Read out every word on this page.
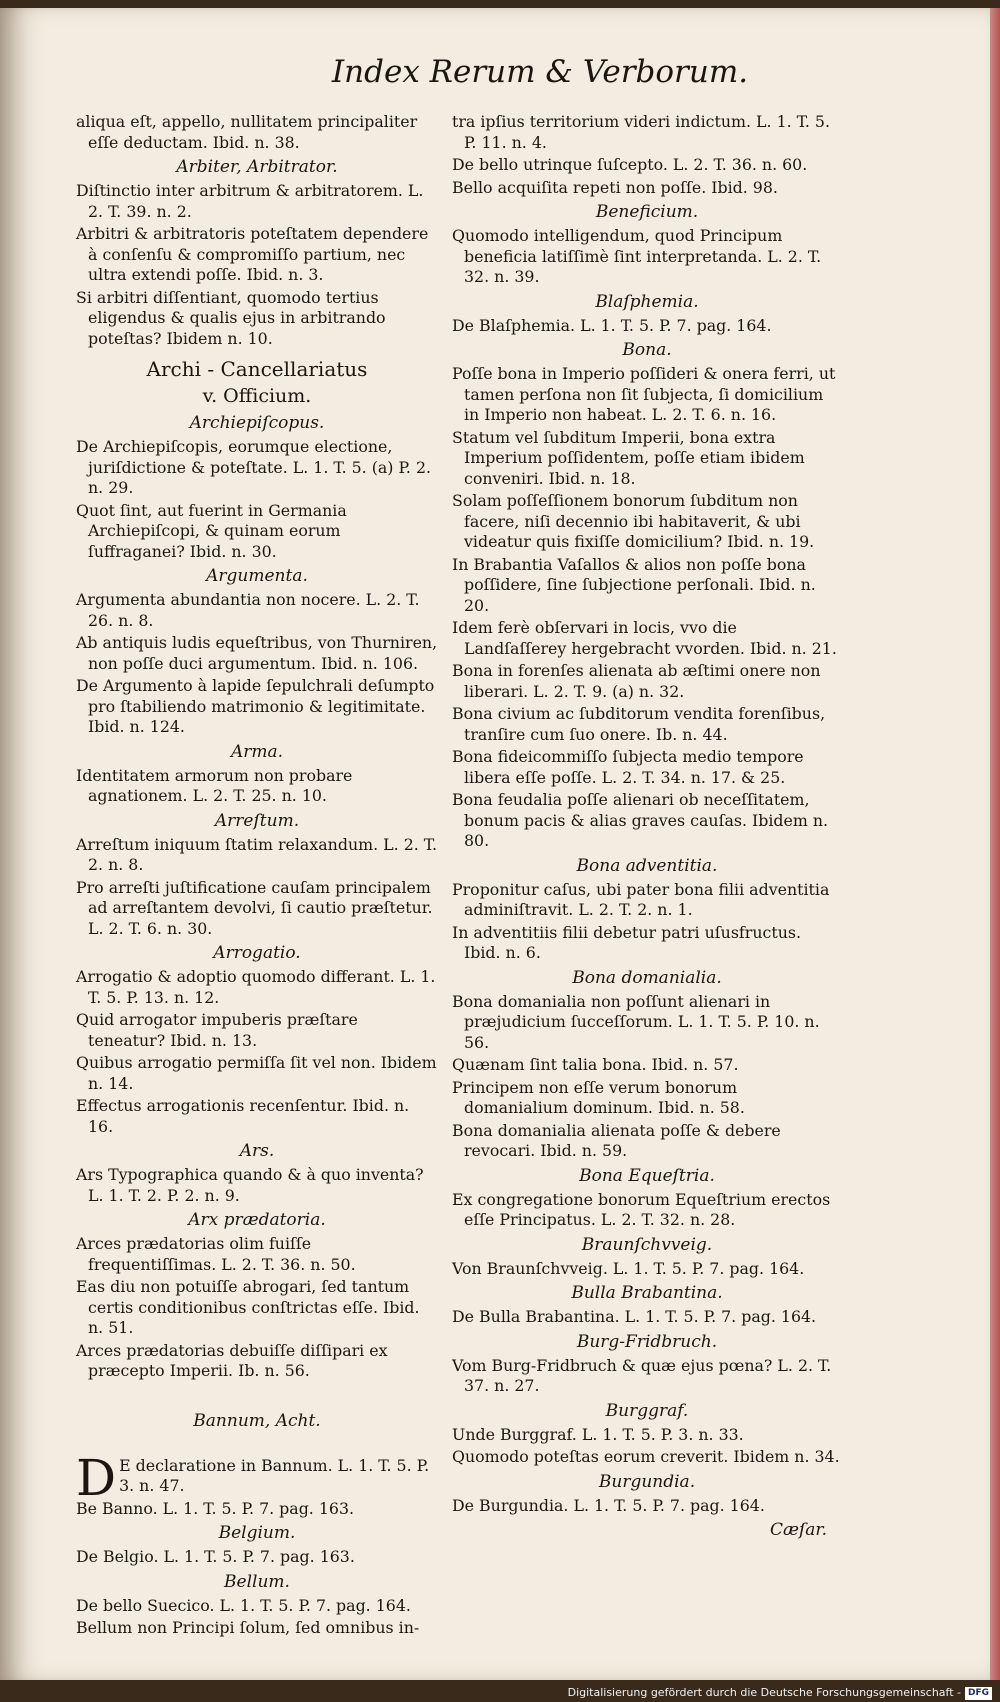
Index Rerum & Verborum.
aliqua eſt, appello, nullitatem principaliter eſſe deductam. Ibid. n. 38.
Arbiter, Arbitrator.
Diſtinctio inter arbitrum & arbitratorem. L. 2. T. 39. n. 2.
Arbitri & arbitratoris poteſtatem dependere à conſenſu & compromiſſo partium, nec ultra extendi poſſe. Ibid. n. 3.
Si arbitri diſſentiant, quomodo tertius eligendus & qualis ejus in arbitrando poteſtas? Ibidem n. 10.
Archi - Cancellariatus
v. Officium.
Archiepiſcopus.
De Archiepiſcopis, eorumque electione, juriſdictione & poteſtate. L. 1. T. 5. (a) P. 2. n. 29.
Quot ſint, aut fuerint in Germania Archiepiſcopi, & quinam eorum ſuffraganei? Ibid. n. 30.
Argumenta.
Argumenta abundantia non nocere. L. 2. T. 26. n. 8.
Ab antiquis ludis equeſtribus, von Thurniren, non poſſe duci argumentum. Ibid. n. 106.
De Argumento à lapide ſepulchrali deſumpto pro ſtabiliendo matrimonio & legitimitate. Ibid. n. 124.
Arma.
Identitatem armorum non probare agnationem. L. 2. T. 25. n. 10.
Arreſtum.
Arreſtum iniquum ſtatim relaxandum. L. 2. T. 2. n. 8.
Pro arreſti juſtificatione cauſam principalem ad arreſtantem devolvi, ſi cautio præſtetur. L. 2. T. 6. n. 30.
Arrogatio.
Arrogatio & adoptio quomodo differant. L. 1. T. 5. P. 13. n. 12.
Quid arrogator impuberis præſtare teneatur? Ibid. n. 13.
Quibus arrogatio permiſſa ſit vel non. Ibidem n. 14.
Effectus arrogationis recenſentur. Ibid. n. 16.
Ars.
Ars Typographica quando & à quo inventa? L. 1. T. 2. P. 2. n. 9.
Arx prædatoria.
Arces prædatorias olim fuiſſe frequentiſſimas. L. 2. T. 36. n. 50.
Eas diu non potuiſſe abrogari, ſed tantum certis conditionibus conſtrictas eſſe. Ibid. n. 51.
Arces prædatorias debuiſſe diſſipari ex præcepto Imperii. Ib. n. 56.
Bannum, Acht.
D E declaratione in Bannum. L. 1. T. 5. P. 3. n. 47.
Be Banno. L. 1. T. 5. P. 7. pag. 163.
Belgium.
De Belgio. L. 1. T. 5. P. 7. pag. 163.
Bellum.
De bello Suecico. L. 1. T. 5. P. 7. pag. 164.
Bellum non Principi ſolum, ſed omnibus in-
tra ipſius territorium videri indictum. L. 1. T. 5. P. 11. n. 4.
De bello utrinque ſuſcepto. L. 2. T. 36. n. 60.
Bello acquiſita repeti non poſſe. Ibid. 98.
Beneficium.
Quomodo intelligendum, quod Principum beneficia latiſſimè ſint interpretanda. L. 2. T. 32. n. 39.
Blaſphemia.
De Blaſphemia. L. 1. T. 5. P. 7. pag. 164.
Bona.
Poſſe bona in Imperio poſſideri & onera ferri, ut tamen perſona non ſit ſubjecta, ſi domicilium in Imperio non habeat. L. 2. T. 6. n. 16.
Statum vel ſubditum Imperii, bona extra Imperium poſſidentem, poſſe etiam ibidem conveniri. Ibid. n. 18.
Solam poſſeſſionem bonorum ſubditum non facere, niſi decennio ibi habitaverit, & ubi videatur quis fixiſſe domicilium? Ibid. n. 19.
In Brabantia Vaſallos & alios non poſſe bona poſſidere, ſine ſubjectione perſonali. Ibid. n. 20.
Idem ferè obſervari in locis, vvo die Landſaſſerey hergebracht vvorden. Ibid. n. 21.
Bona in forenſes alienata ab æſtimi onere non liberari. L. 2. T. 9. (a) n. 32.
Bona civium ac ſubditorum vendita forenſibus, tranſire cum ſuo onere. Ib. n. 44.
Bona fideicommiſſo ſubjecta medio tempore libera eſſe poſſe. L. 2. T. 34. n. 17. & 25.
Bona feudalia poſſe alienari ob neceſſitatem, bonum pacis & alias graves cauſas. Ibidem n. 80.
Bona adventitia.
Proponitur caſus, ubi pater bona filii adventitia adminiſtravit. L. 2. T. 2. n. 1.
In adventitiis filii debetur patri uſusfructus. Ibid. n. 6.
Bona domanialia.
Bona domanialia non poſſunt alienari in præjudicium ſucceſſorum. L. 1. T. 5. P. 10. n. 56.
Quænam ſint talia bona. Ibid. n. 57.
Principem non eſſe verum bonorum domanialium dominum. Ibid. n. 58.
Bona domanialia alienata poſſe & debere revocari. Ibid. n. 59.
Bona Equeſtria.
Ex congregatione bonorum Equeſtrium erectos eſſe Principatus. L. 2. T. 32. n. 28.
Braunſchvveig.
Von Braunſchvveig. L. 1. T. 5. P. 7. pag. 164.
Bulla Brabantina.
De Bulla Brabantina. L. 1. T. 5. P. 7. pag. 164.
Burg-Fridbruch.
Vom Burg-Fridbruch & quæ ejus pœna? L. 2. T. 37. n. 27.
Burggraf.
Unde Burggraf. L. 1. T. 5. P. 3. n. 33.
Quomodo poteſtas eorum creverit. Ibidem n. 34.
Burgundia.
De Burgundia. L. 1. T. 5. P. 7. pag. 164.
Cæſar.
Digitalisierung gefördert durch die Deutsche Forschungsgemeinschaft - DFG
